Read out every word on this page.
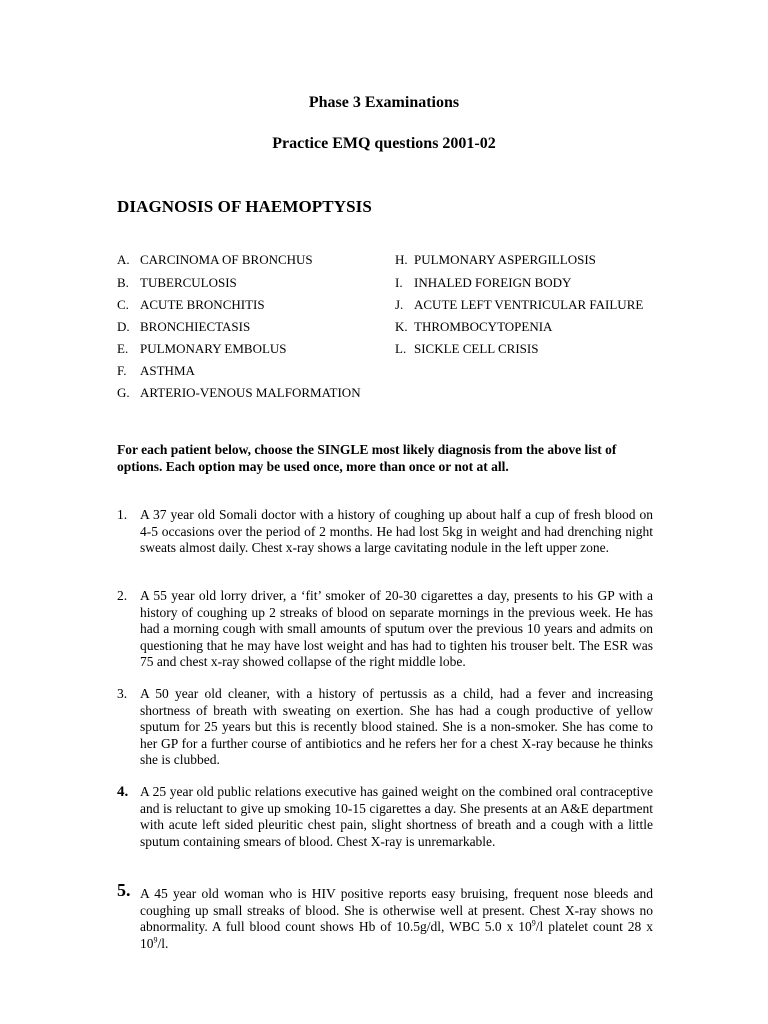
Phase 3 Examinations
Practice EMQ questions 2001-02
DIAGNOSIS OF HAEMOPTYSIS
A. CARCINOMA OF BRONCHUS
B. TUBERCULOSIS
C. ACUTE BRONCHITIS
D. BRONCHIECTASIS
E. PULMONARY EMBOLUS
F. ASTHMA
G. ARTERIO-VENOUS MALFORMATION
H. PULMONARY ASPERGILLOSIS
I. INHALED FOREIGN BODY
J. ACUTE LEFT VENTRICULAR FAILURE
K. THROMBOCYTOPENIA
L. SICKLE CELL CRISIS
For each patient below, choose the SINGLE most likely diagnosis from the above list of options. Each option may be used once, more than once or not at all.
1. A 37 year old Somali doctor with a history of coughing up about half a cup of fresh blood on 4-5 occasions over the period of 2 months. He had lost 5kg in weight and had drenching night sweats almost daily. Chest x-ray shows a large cavitating nodule in the left upper zone.
2. A 55 year old lorry driver, a ‘fit’ smoker of 20-30 cigarettes a day, presents to his GP with a history of coughing up 2 streaks of blood on separate mornings in the previous week. He has had a morning cough with small amounts of sputum over the previous 10 years and admits on questioning that he may have lost weight and has had to tighten his trouser belt. The ESR was 75 and chest x-ray showed collapse of the right middle lobe.
3. A 50 year old cleaner, with a history of pertussis as a child, had a fever and increasing shortness of breath with sweating on exertion. She has had a cough productive of yellow sputum for 25 years but this is recently blood stained. She is a non-smoker. She has come to her GP for a further course of antibiotics and he refers her for a chest X-ray because he thinks she is clubbed.
4. A 25 year old public relations executive has gained weight on the combined oral contraceptive and is reluctant to give up smoking 10-15 cigarettes a day. She presents at an A&E department with acute left sided pleuritic chest pain, slight shortness of breath and a cough with a little sputum containing smears of blood. Chest X-ray is unremarkable.
5. A 45 year old woman who is HIV positive reports easy bruising, frequent nose bleeds and coughing up small streaks of blood. She is otherwise well at present. Chest X-ray shows no abnormality. A full blood count shows Hb of 10.5g/dl, WBC 5.0 x $10^9/l$ platelet count 28 x $10^9/l$.
